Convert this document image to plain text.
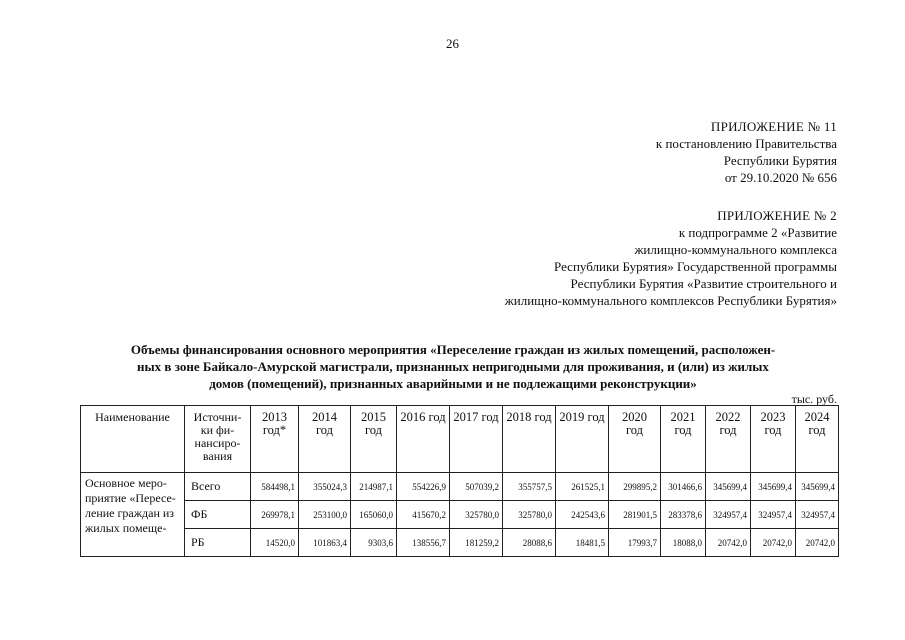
26
ПРИЛОЖЕНИЕ № 11
к постановлению Правительства
Республики Бурятия
от 29.10.2020 № 656
ПРИЛОЖЕНИЕ № 2
к подпрограмме 2 «Развитие
жилищно-коммунального комплекса
Республики Бурятия» Государственной программы
Республики Бурятия «Развитие строительного и
жилищно-коммунального комплексов Республики Бурятия»
Объемы финансирования основного мероприятия «Переселение граждан из жилых помещений, расположен-
ных в зоне Байкало-Амурской магистрали, признанных непригодными для проживания, и (или) из жилых
домов (помещений), признанных аварийными и не подлежащими реконструкции»
тыс. руб.
Наименование	Источни-ки фи-нансиро-вания	2013 год*	2014 год	2015 год	2016 год	2017 год	2018 год	2019 год	2020 год	2021 год	2022 год	2023 год	2024 год
Основное меро-приятие «Пересе-ление граждан из жилых помеще-	Всего	584498,1	355024,3	214987,1	554226,9	507039,2	355757,5	261525,1	299895,2	301466,6	345699,4	345699,4	345699,4
	ФБ	269978,1	253100,0	165060,0	415670,2	325780,0	325780,0	242543,6	281901,5	283378,6	324957,4	324957,4	324957,4
	РБ	14520,0	101863,4	9303,6	138556,7	181259,2	28088,6	18481,5	17993,7	18088,0	20742,0	20742,0	20742,0
